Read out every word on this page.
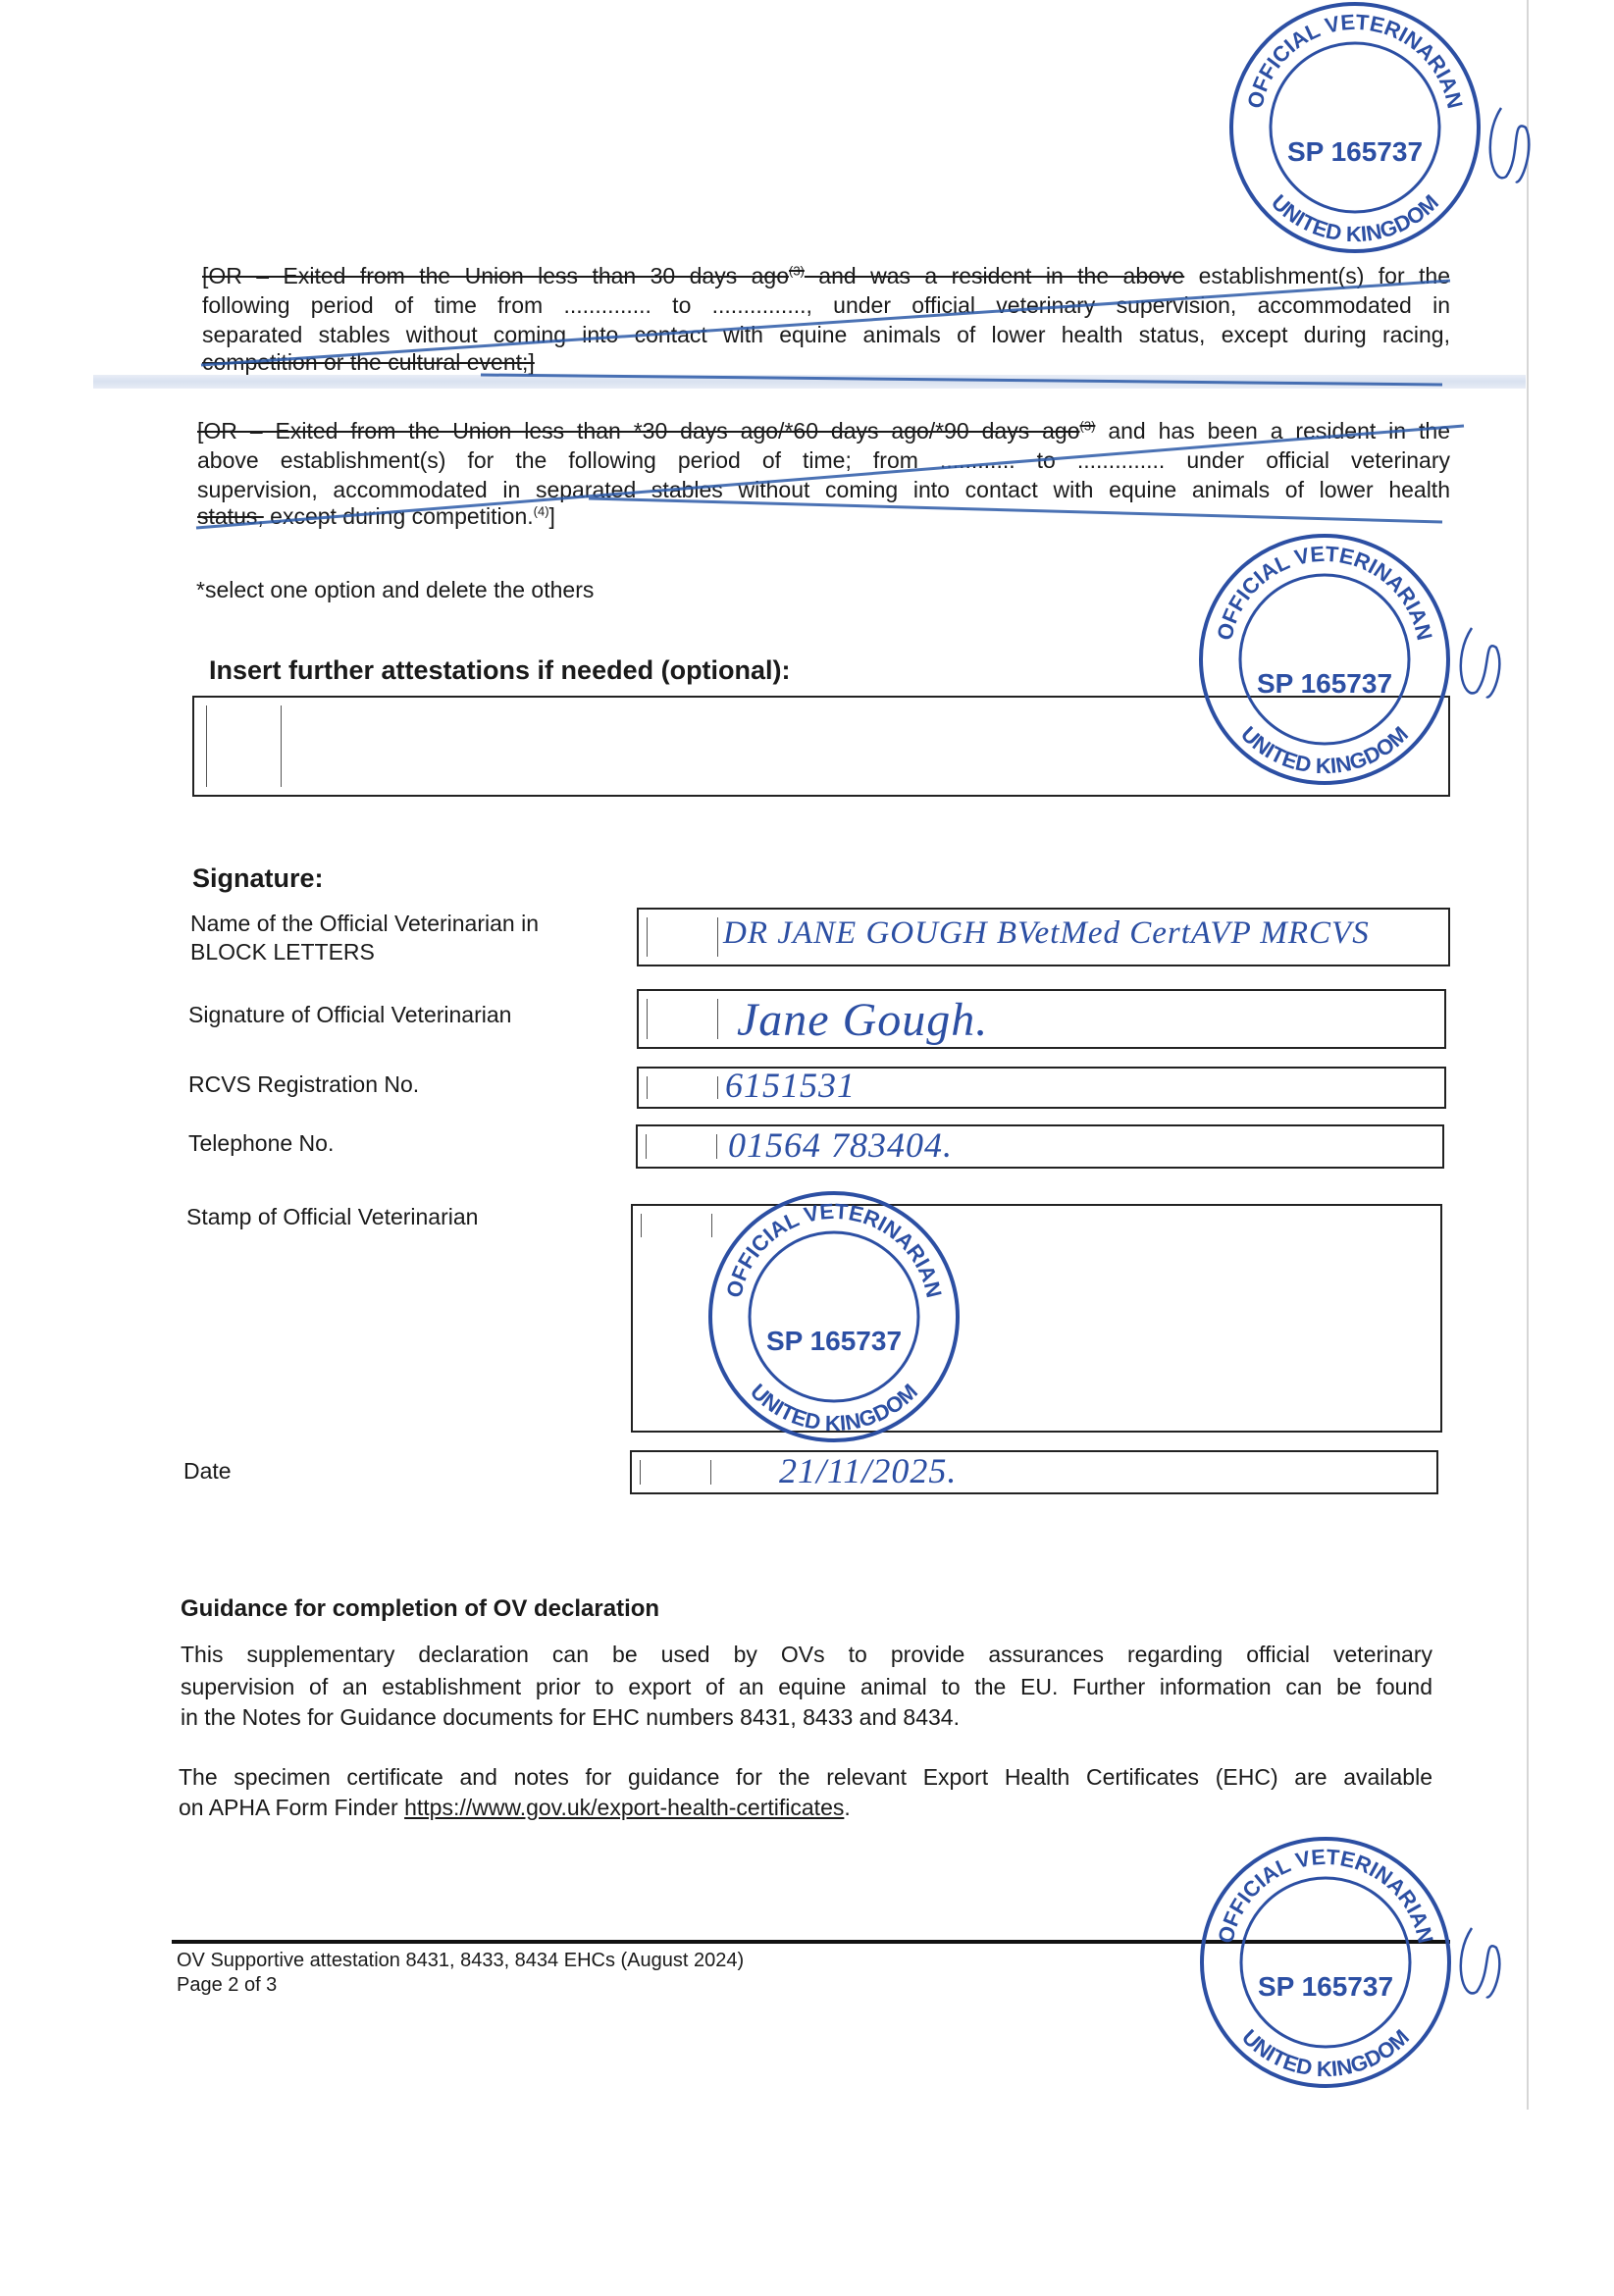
[OR – Exited from the Union less than 30 days ago$^{(3)}$ and was a resident in the above establishment(s) for the
following period of time from .............. to ..............., under official veterinary supervision, accommodated in
separated stables without coming into contact with equine animals of lower health status, except during racing,
competition or the cultural event;]
[OR – Exited from the Union less than *30 days ago/*60 days ago/*90 days ago$^{(3)}$ and has been a resident in the
above establishment(s) for the following period of time; from ............ to .............. under official veterinary
supervision, accommodated in separated stables without coming into contact with equine animals of lower health
status, except during competition.$^{(4)}$]
*select one option and delete the others
Insert further attestations if needed (optional):
Signature:
Name of the Official Veterinarian in
BLOCK LETTERS
DR JANE GOUGH BVetMed CertAVP MRCVS
Signature of Official Veterinarian	Jane Gough.
RCVS Registration No.	6151531
Telephone No.	01564 783404.
Stamp of Official Veterinarian
Date	21/11/2025.
Guidance for completion of OV declaration
This supplementary declaration can be used by OVs to provide assurances regarding official veterinary
supervision of an establishment prior to export of an equine animal to the EU. Further information can be found
in the Notes for Guidance documents for EHC numbers 8431, 8433 and 8434.
The specimen certificate and notes for guidance for the relevant Export Health Certificates (EHC) are available
on APHA Form Finder https://www.gov.uk/export-health-certificates.
OV Supportive attestation 8431, 8433, 8434 EHCs (August 2024)
Page 2 of 3
OFFICIAL VETERINARIAN
UNITED KINGDOM
SP 165737
OFFICIAL VETERINARIAN
UNITED KINGDOM
SP 165737
OFFICIAL VETERINARIAN
UNITED KINGDOM
SP 165737
OFFICIAL VETERINARIAN
UNITED KINGDOM
SP 165737
